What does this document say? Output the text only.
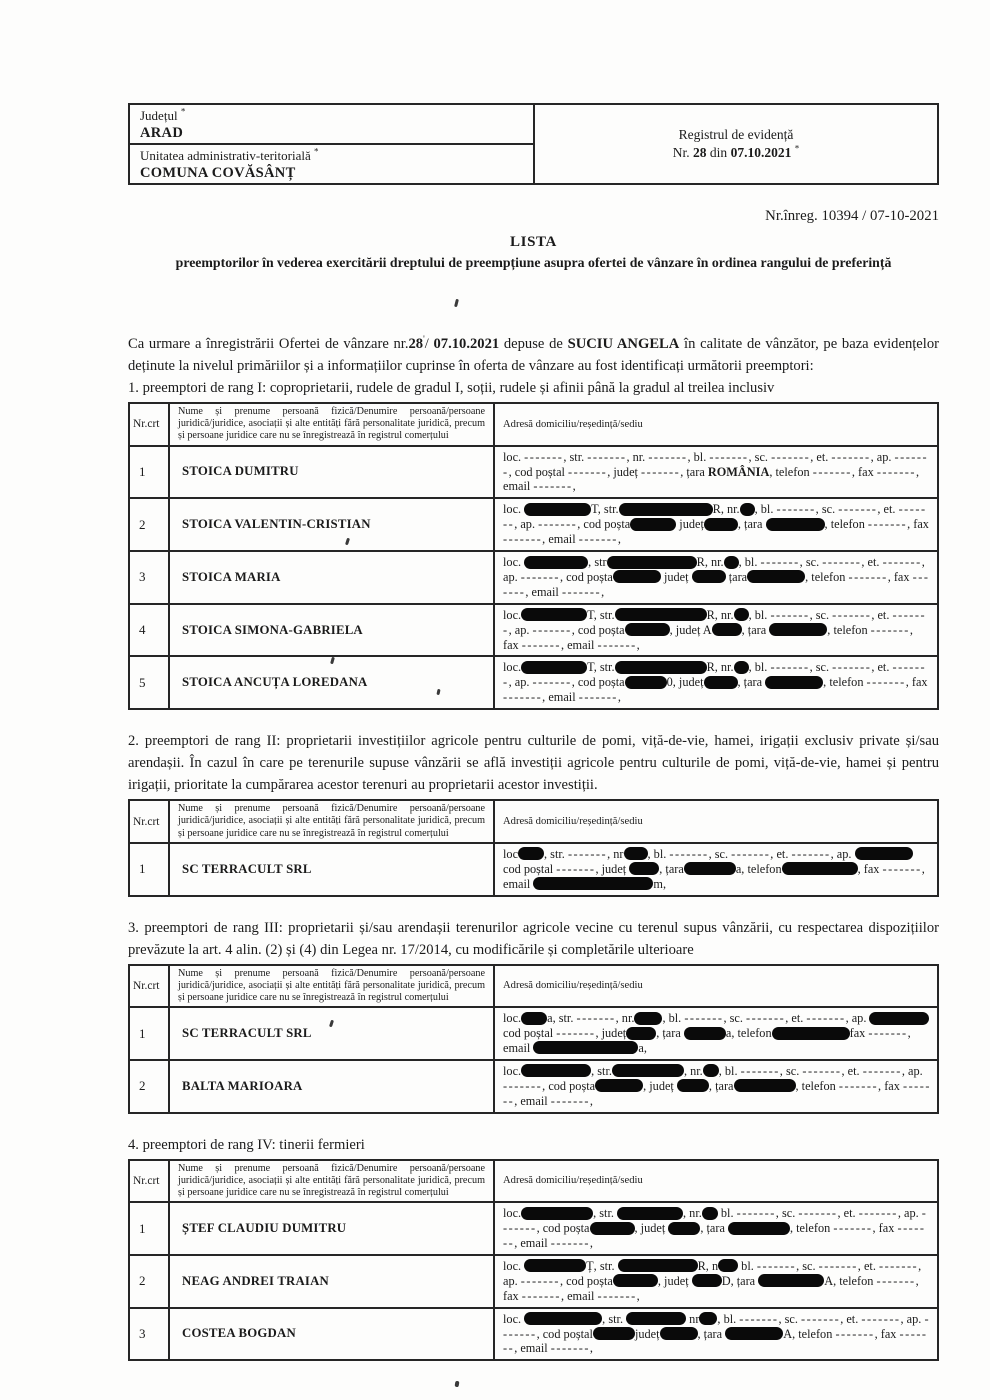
Județul *
ARAD
Unitatea administrativ-teritorială *
COMUNA COVĂSÂNȚ
Registrul de evidență
Nr. 28 din 07.10.2021 *
Nr.înreg. 10394 / 07-10-2021

LISTA

preemptorilor în vederea exercitării dreptului de preempțiune asupra ofertei de vânzare în ordinea rangului de preferință

Ca urmare a înregistrării Ofertei de vânzare nr.28'/ 07.10.2021 depuse de SUCIU ANGELA în calitate de vânzător, pe baza evidențelor deținute la nivelul primăriilor și a informațiilor cuprinse în oferta de vânzare au fost identificați următorii preemptori:

1. preemptori de rang I: coproprietarii, rudele de gradul I, soții, rudele și afinii până la gradul al treilea inclusiv

Nr.crt	Nume și prenume persoană fizică/Denumire persoană/persoane juridică/juridice, asociații și alte entități fără personalitate juridică, precum și persoane juridice care nu se înregistrează în registrul comerțului	Adresă domiciliu/reședință/sediu
1	STOICA DUMITRU	loc. -------, str. -------, nr. -------, bl. -------, sc. -------, et. -------, ap. -------, cod poștal -------, județ -------, țara ROMÂNIA, telefon -------, fax -------, email -------,
2	STOICA VALENTIN-CRISTIAN	loc. T, str. R, nr. , bl. -------, sc. -------, et. -------, ap. -------, cod poșta județ , țara , telefon -------, fax -------, email -------,
3	STOICA MARIA	loc. , str R, nr. , bl. -------, sc. -------, et. -------, ap. -------, cod poșta județ țara , telefon -------, fax -------, email -------,
4	STOICA SIMONA-GABRIELA	loc. T, str. R, nr. , bl. -------, sc. -------, et. -------, ap. -------, cod poșta , județ A , țara , telefon -------, fax -------, email -------,
5	STOICA ANCUȚA LOREDANA	loc. T, str. R, nr. , bl. -------, sc. -------, et. -------, ap. -------, cod poșta 0, județ , țara , telefon -------, fax -------, email -------,

2. preemptori de rang II: proprietarii investițiilor agricole pentru culturile de pomi, viță-de-vie, hamei, irigații exclusiv private și/sau arendașii. În cazul în care pe terenurile supuse vânzării se află investiții agricole pentru culturile de pomi, viță-de-vie, hamei și pentru irigații, prioritate la cumpărarea acestor terenuri au proprietarii acestor investiții.

Nr.crt	Nume și prenume persoană fizică/Denumire persoană/persoane juridică/juridice, asociații și alte entități fără personalitate juridică, precum și persoane juridice care nu se înregistrează în registrul comerțului	Adresă domiciliu/reședință/sediu
1	SC TERRACULT SRL	loc , str. -------, nr , bl. -------, sc. -------, et. -------, ap.  cod poștal -------, județ , țara a, telefon , fax -------, email m,

3. preemptori de rang III: proprietarii și/sau arendașii terenurilor agricole vecine cu terenul supus vânzării, cu respectarea dispozițiilor prevăzute la art. 4 alin. (2) și (4) din Legea nr. 17/2014, cu modificările și completările ulterioare

Nr.crt	Nume și prenume persoană fizică/Denumire persoană/persoane juridică/juridice, asociații și alte entități fără personalitate juridică, precum și persoane juridice care nu se înregistrează în registrul comerțului	Adresă domiciliu/reședință/sediu
1	SC TERRACULT SRL	loc. a, str. -------, nr. , bl. -------, sc. -------, et. -------, ap.  cod poștal -------, județ , țara a, telefon fax -------, email a,
2	BALTA MARIOARA	loc. , str. , nr. , bl. -------, sc. -------, et. -------, ap. -------, cod poșta , județ , țara , telefon -------, fax -------, email -------,

4. preemptori de rang IV: tinerii fermieri

Nr.crt	Nume și prenume persoană fizică/Denumire persoană/persoane juridică/juridice, asociații și alte entități fără personalitate juridică, precum și persoane juridice care nu se înregistrează în registrul comerțului	Adresă domiciliu/reședință/sediu
1	ȘTEF CLAUDIU DUMITRU	loc. , str. , nr. bl. -------, sc. -------, et. -------, ap. -------, cod poșta , județ , țara , telefon -------, fax -------, email -------,
2	NEAG ANDREI TRAIAN	loc. Ț, str. R, n bl. -------, sc. -------, et. -------, ap. -------, cod poșta , județ D, țara A, telefon -------, fax -------, email -------,
3	COSTEA BOGDAN	loc. , str. nr , bl. -------, sc. -------, et. -------, ap. -------, cod poștal județ , țara A, telefon -------, fax -------, email -------,
